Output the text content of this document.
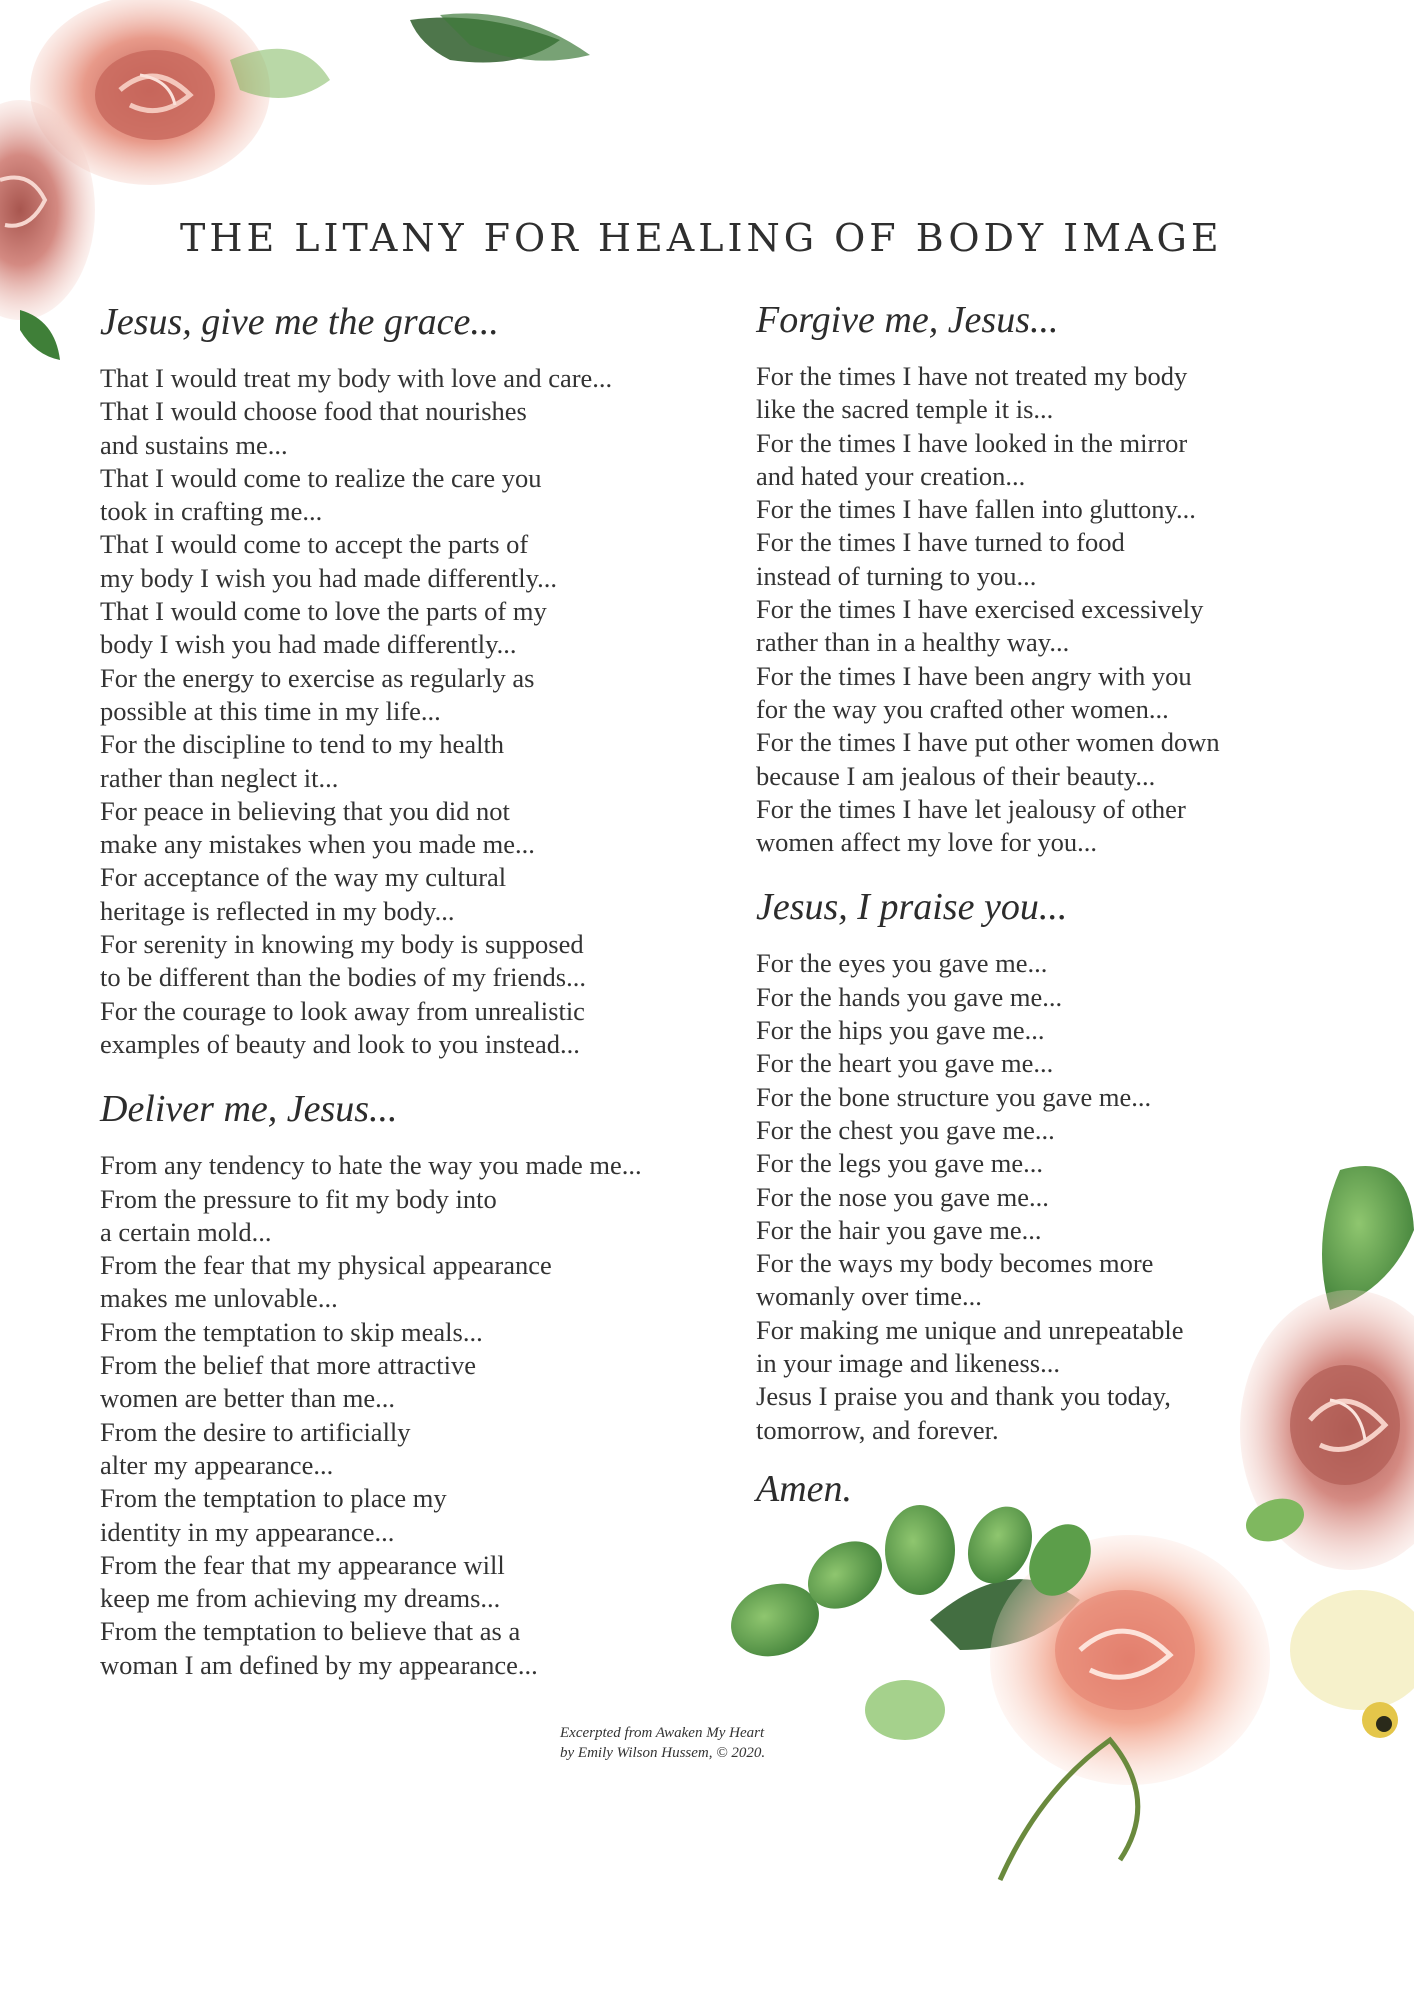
THE LITANY FOR HEALING OF BODY IMAGE
Jesus, give me the grace...
That I would treat my body with love and care...
That I would choose food that nourishes
and sustains me...
That I would come to realize the care you
took in crafting me...
That I would come to accept the parts of
my body I wish you had made differently...
That I would come to love the parts of my
body I wish you had made differently...
For the energy to exercise as regularly as
possible at this time in my life...
For the discipline to tend to my health
rather than neglect it...
For peace in believing that you did not
make any mistakes when you made me...
For acceptance of the way my cultural
heritage is reflected in my body...
For serenity in knowing my body is supposed
to be different than the bodies of my friends...
For the courage to look away from unrealistic
examples of beauty and look to you instead...
Deliver me, Jesus...
From any tendency to hate the way you made me...
From the pressure to fit my body into
a certain mold...
From the fear that my physical appearance
makes me unlovable...
From the temptation to skip meals...
From the belief that more attractive
women are better than me...
From the desire to artificially
alter my appearance...
From the temptation to place my
identity in my appearance...
From the fear that my appearance will
keep me from achieving my dreams...
From the temptation to believe that as a
woman I am defined by my appearance...
Forgive me, Jesus...
For the times I have not treated my body
like the sacred temple it is...
For the times I have looked in the mirror
and hated your creation...
For the times I have fallen into gluttony...
For the times I have turned to food
instead of turning to you...
For the times I have exercised excessively
rather than in a healthy way...
For the times I have been angry with you
for the way you crafted other women...
For the times I have put other women down
because I am jealous of their beauty...
For the times I have let jealousy of other
women affect my love for you...
Jesus, I praise you...
For the eyes you gave me...
For the hands you gave me...
For the hips you gave me...
For the heart you gave me...
For the bone structure you gave me...
For the chest you gave me...
For the legs you gave me...
For the nose you gave me...
For the hair you gave me...
For the ways my body becomes more
womanly over time...
For making me unique and unrepeatable
in your image and likeness...
Jesus I praise you and thank you today,
tomorrow, and forever.
Amen.
Excerpted from Awaken My Heart
by Emily Wilson Hussem, © 2020.
